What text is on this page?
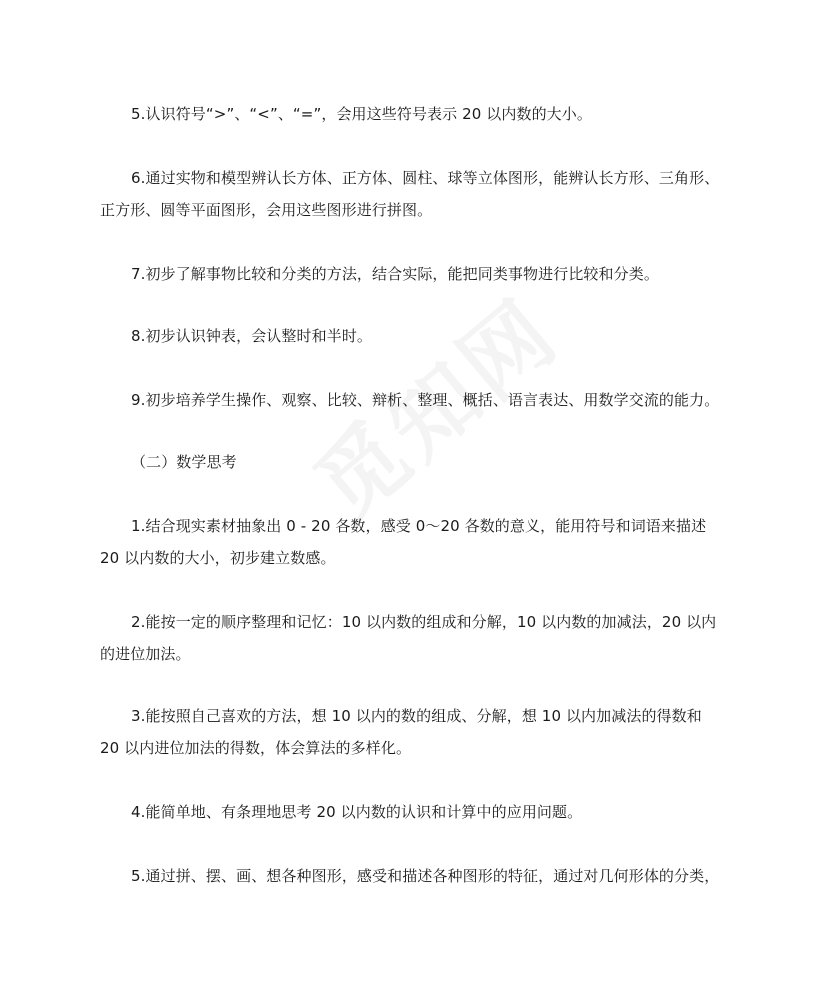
5.认识符号“>”、“<”、“=”，会用这些符号表示 20 以内数的大小。
6.通过实物和模型辨认长方体、正方体、圆柱、球等立体图形，能辨认长方形、三角形、
正方形、圆等平面图形，会用这些图形进行拼图。
7.初步了解事物比较和分类的方法，结合实际，能把同类事物进行比较和分类。
8.初步认识钟表，会认整时和半时。
9.初步培养学生操作、观察、比较、辩析、整理、概括、语言表达、用数学交流的能力。
（二）数学思考
1.结合现实素材抽象出 0 - 20 各数，感受 0～20 各数的意义，能用符号和词语来描述
20 以内数的大小，初步建立数感。
2.能按一定的顺序整理和记忆：10 以内数的组成和分解，10 以内数的加减法，20 以内
的进位加法。
3.能按照自己喜欢的方法，想 10 以内的数的组成、分解，想 10 以内加减法的得数和
20 以内进位加法的得数，体会算法的多样化。
4.能简单地、有条理地思考 20 以内数的认识和计算中的应用问题。
5.通过拼、摆、画、想各种图形，感受和描述各种图形的特征，通过对几何形体的分类，
